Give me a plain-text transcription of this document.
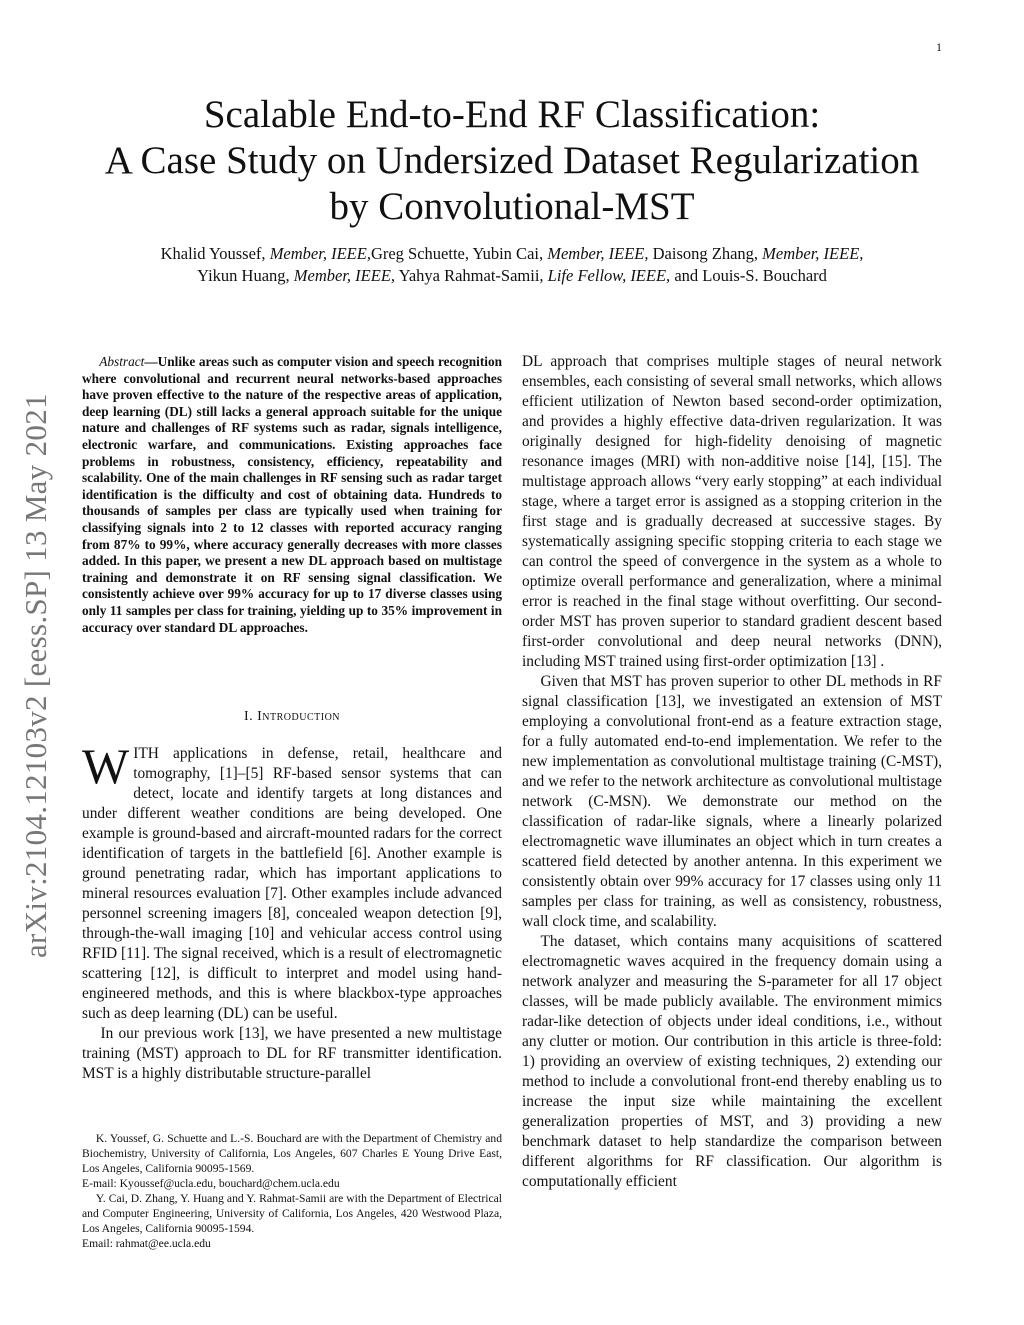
1
arXiv:2104.12103v2 [eess.SP] 13 May 2021
Scalable End-to-End RF Classification:
A Case Study on Undersized Dataset Regularization
by Convolutional-MST
Khalid Youssef, Member, IEEE,Greg Schuette, Yubin Cai, Member, IEEE, Daisong Zhang, Member, IEEE,
Yikun Huang, Member, IEEE, Yahya Rahmat-Samii, Life Fellow, IEEE, and Louis-S. Bouchard
Abstract—Unlike areas such as computer vision and speech recognition where convolutional and recurrent neural networks-based approaches have proven effective to the nature of the respective areas of application, deep learning (DL) still lacks a general approach suitable for the unique nature and challenges of RF systems such as radar, signals intelligence, electronic warfare, and communications. Existing approaches face problems in robustness, consistency, efficiency, repeatability and scalability. One of the main challenges in RF sensing such as radar target identification is the difficulty and cost of obtaining data. Hundreds to thousands of samples per class are typically used when training for classifying signals into 2 to 12 classes with reported accuracy ranging from 87% to 99%, where accuracy generally decreases with more classes added. In this paper, we present a new DL approach based on multistage training and demonstrate it on RF sensing signal classification. We consistently achieve over 99% accuracy for up to 17 diverse classes using only 11 samples per class for training, yielding up to 35% improvement in accuracy over standard DL approaches.
I. Introduction

WITH applications in defense, retail, healthcare and tomography, [1]–[5] RF-based sensor systems that can detect, locate and identify targets at long distances and under different weather conditions are being developed. One example is ground-based and aircraft-mounted radars for the correct identification of targets in the battlefield [6]. Another example is ground penetrating radar, which has important applications to mineral resources evaluation [7]. Other examples include advanced personnel screening imagers [8], concealed weapon detection [9], through-the-wall imaging [10] and vehicular access control using RFID [11]. The signal received, which is a result of electromagnetic scattering [12], is difficult to interpret and model using hand-engineered methods, and this is where blackbox-type approaches such as deep learning (DL) can be useful.

In our previous work [13], we have presented a new multistage training (MST) approach to DL for RF transmitter identification. MST is a highly distributable structure-parallel

K. Youssef, G. Schuette and L.-S. Bouchard are with the Department of Chemistry and Biochemistry, University of California, Los Angeles, 607 Charles E Young Drive East, Los Angeles, California 90095-1569.

E-mail: Kyoussef@ucla.edu, bouchard@chem.ucla.edu

Y. Cai, D. Zhang, Y. Huang and Y. Rahmat-Samii are with the Department of Electrical and Computer Engineering, University of California, Los Angeles, 420 Westwood Plaza, Los Angeles, California 90095-1594.

Email: rahmat@ee.ucla.edu

DL approach that comprises multiple stages of neural network ensembles, each consisting of several small networks, which allows efficient utilization of Newton based second-order optimization, and provides a highly effective data-driven regularization. It was originally designed for high-fidelity denoising of magnetic resonance images (MRI) with non-additive noise [14], [15]. The multistage approach allows “very early stopping” at each individual stage, where a target error is assigned as a stopping criterion in the first stage and is gradually decreased at successive stages. By systematically assigning specific stopping criteria to each stage we can control the speed of convergence in the system as a whole to optimize overall performance and generalization, where a minimal error is reached in the final stage without overfitting. Our second-order MST has proven superior to standard gradient descent based first-order convolutional and deep neural networks (DNN), including MST trained using first-order optimization [13] .

Given that MST has proven superior to other DL methods in RF signal classification [13], we investigated an extension of MST employing a convolutional front-end as a feature extraction stage, for a fully automated end-to-end implementation. We refer to the new implementation as convolutional multistage training (C-MST), and we refer to the network architecture as convolutional multistage network (C-MSN). We demonstrate our method on the classification of radar-like signals, where a linearly polarized electromagnetic wave illuminates an object which in turn creates a scattered field detected by another antenna. In this experiment we consistently obtain over 99% accuracy for 17 classes using only 11 samples per class for training, as well as consistency, robustness, wall clock time, and scalability.

The dataset, which contains many acquisitions of scattered electromagnetic waves acquired in the frequency domain using a network analyzer and measuring the S-parameter for all 17 object classes, will be made publicly available. The environment mimics radar-like detection of objects under ideal conditions, i.e., without any clutter or motion. Our contribution in this article is three-fold: 1) providing an overview of existing techniques, 2) extending our method to include a convolutional front-end thereby enabling us to increase the input size while maintaining the excellent generalization properties of MST, and 3) providing a new benchmark dataset to help standardize the comparison between different algorithms for RF classification. Our algorithm is computationally efficient
